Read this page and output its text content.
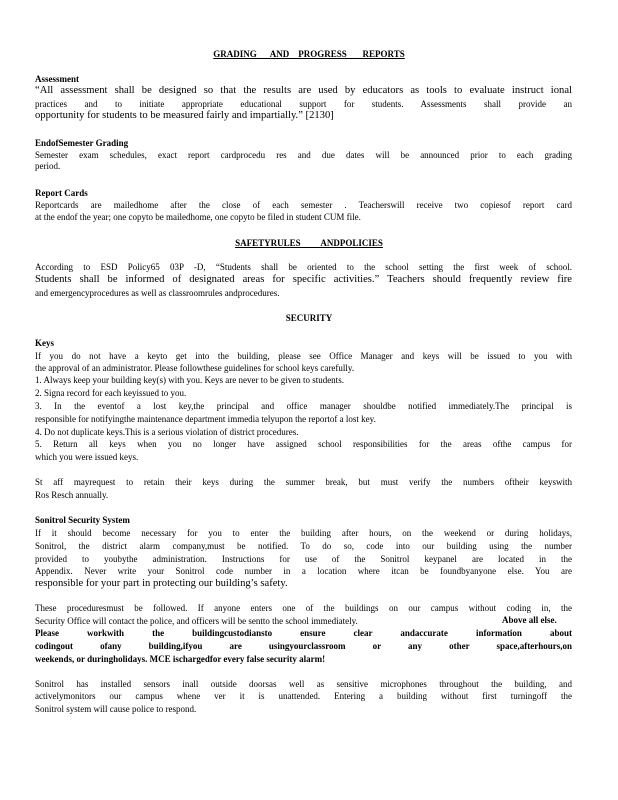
GRADING      AND    PROGRESS       REPORTS

Assessment

“All assessment shall be designed so that the results are used by educators as tools to evaluate instruct ional

practices and to initiate appropriate educational support for students. Assessments shall provide an

opportunity for students to be measured fairly and impartially.” [2130]

EndofSemester Grading

Semester exam schedules, exact report cardprocedu res and due dates will be announced prior to each grading

period.

Report Cards

Reportcards are mailedhome after the close of each semester . Teacherswill receive two copiesof report card

at the endof the year; one copyto be mailedhome, one copyto be filed in student CUM file.

SAFETYRULES         ANDPOLICIES

According to ESD Policy65 03P -D, “Students shall be oriented to the school setting the first week of school.

Students shall be informed of designated areas for specific activities.” Teachers should frequently review fire

and emergencyprocedures as well as classroomrules andprocedures.

SECURITY

Keys

If you do not have a keyto get into the building, please see Office Manager and keys will be issued to you with

the approval of an administrator. Please followthese guidelines for school keys carefully.

1. Always keep your building key(s) with you. Keys are never to be given to students.

2. Signa record for each keyissued to you.

3. In the eventof a lost key,the principal and office manager shouldbe notified immediately.The principal is

responsible for notifyingthe maintenance department immedia telyupon the reportof a lost key.

4. Do not duplicate keys.This is a serious violation of district procedures.

5. Return all keys when you no longer have assigned school responsibilities for the areas ofthe campus for

which you were issued keys.

St aff mayrequest to retain their keys during the summer break, but must verify the numbers oftheir keyswith

Ros Resch annually.

Sonitrol Security System

If it should become necessary for you to enter the building after hours, on the weekend or during holidays,

Sonitrol, the district alarm company,must be notified. To do so, code into our building using the number

provided to youbythe administration. Instructions for use of the Sonitrol keypanel are located in the

Appendix. Never write your Sonitrol code number in a location where itcan be foundbyanyone else. You are

responsible for your part in protecting our building’s safety.

These proceduresmust be followed. If anyone enters one of the buildings on our campus without coding in, the

Security Office will contact the police, and officers will be sentto the school immediately.	Above all else.

Please workwith the buildingcustodiansto ensure clear andaccurate information about

codingout ofany building,ifyou are usingyourclassroom or any other space,afterhours,on

weekends, or duringholidays. MCE ischargedfor every false security alarm!

Sonitrol has installed sensors inall outside doorsas well as sensitive microphones throughout the building, and

activelymonitors our campus whene ver it is unattended. Entering a building without first turningoff the

Sonitrol system will cause police to respond.
